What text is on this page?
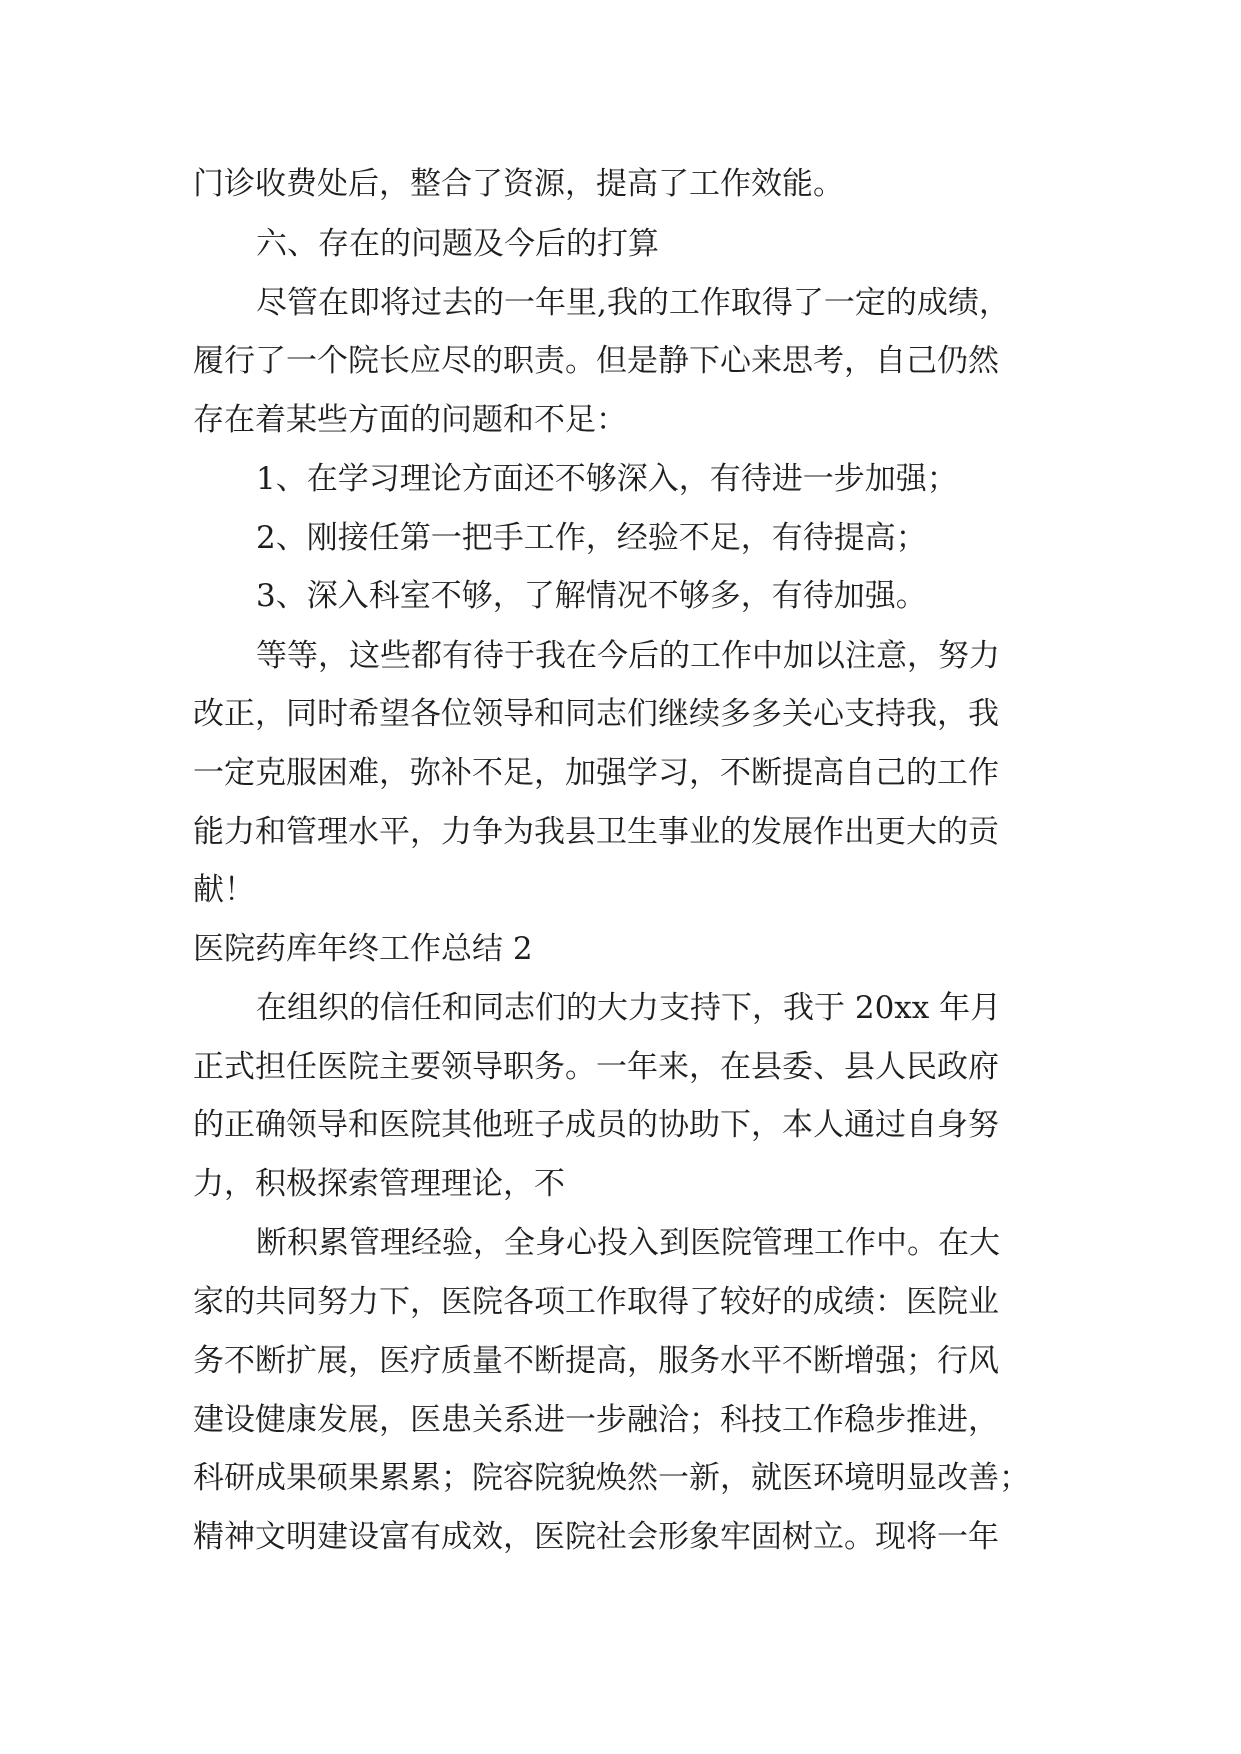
门诊收费处后，整合了资源，提高了工作效能。

六、存在的问题及今后的打算

尽管在即将过去的一年里,我的工作取得了一定的成绩，

履行了一个院长应尽的职责。但是静下心来思考，自己仍然

存在着某些方面的问题和不足：

1、在学习理论方面还不够深入，有待进一步加强；

2、刚接任第一把手工作，经验不足，有待提高；

3、深入科室不够，了解情况不够多，有待加强。

等等，这些都有待于我在今后的工作中加以注意，努力

改正，同时希望各位领导和同志们继续多多关心支持我，我

一定克服困难，弥补不足，加强学习，不断提高自己的工作

能力和管理水平，力争为我县卫生事业的发展作出更大的贡

献！

医院药库年终工作总结 2

在组织的信任和同志们的大力支持下，我于 20xx 年月

正式担任医院主要领导职务。一年来，在县委、县人民政府

的正确领导和医院其他班子成员的协助下，本人通过自身努

力，积极探索管理理论，不

断积累管理经验，全身心投入到医院管理工作中。在大

家的共同努力下，医院各项工作取得了较好的成绩：医院业

务不断扩展，医疗质量不断提高，服务水平不断增强；行风

建设健康发展，医患关系进一步融洽；科技工作稳步推进，

科研成果硕果累累；院容院貌焕然一新，就医环境明显改善；

精神文明建设富有成效，医院社会形象牢固树立。现将一年
